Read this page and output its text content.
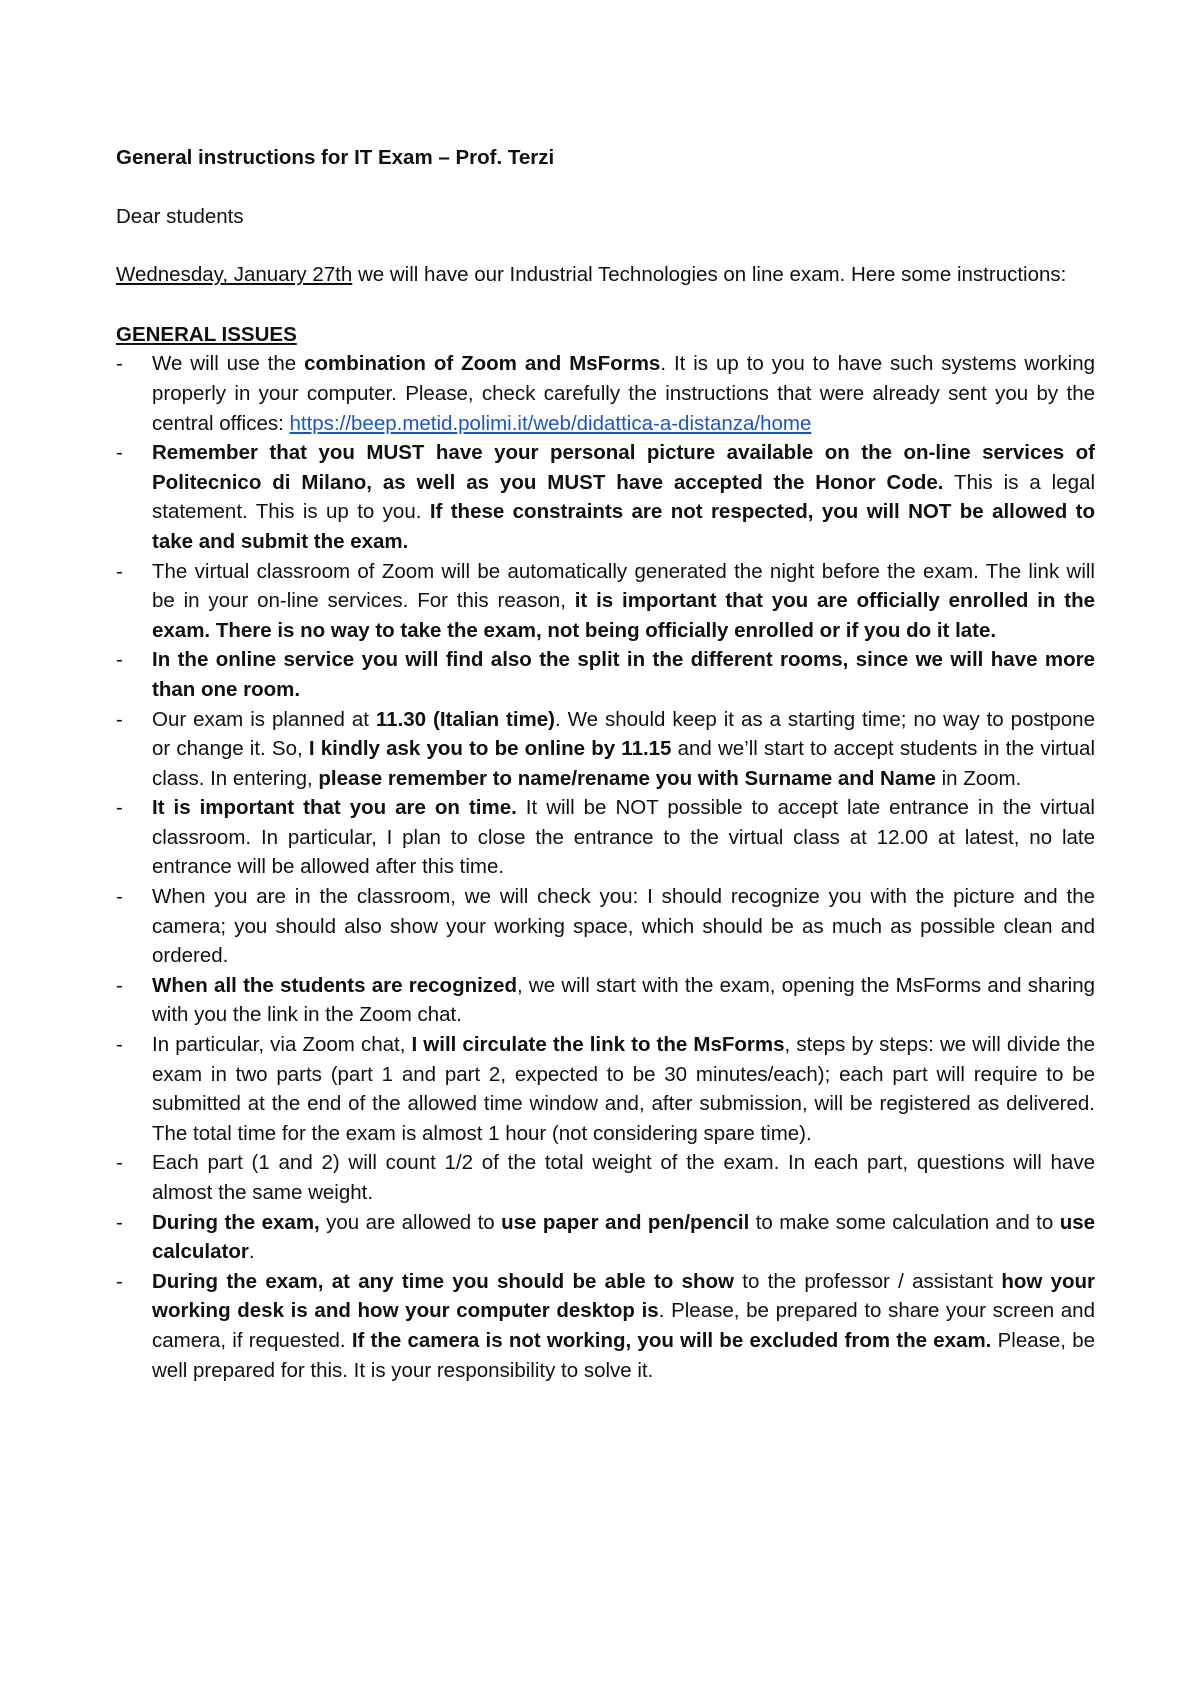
General instructions for IT Exam – Prof. Terzi

Dear students

Wednesday, January 27th we will have our Industrial Technologies on line exam. Here some instructions:

GENERAL ISSUES

- We will use the combination of Zoom and MsForms. It is up to you to have such systems working properly in your computer. Please, check carefully the instructions that were already sent you by the central offices: https://beep.metid.polimi.it/web/didattica-a-distanza/home
- Remember that you MUST have your personal picture available on the on-line services of Politecnico di Milano, as well as you MUST have accepted the Honor Code. This is a legal statement. This is up to you. If these constraints are not respected, you will NOT be allowed to take and submit the exam.
- The virtual classroom of Zoom will be automatically generated the night before the exam. The link will be in your on-line services. For this reason, it is important that you are officially enrolled in the exam. There is no way to take the exam, not being officially enrolled or if you do it late.
- In the online service you will find also the split in the different rooms, since we will have more than one room.
- Our exam is planned at 11.30 (Italian time). We should keep it as a starting time; no way to postpone or change it. So, I kindly ask you to be online by 11.15 and we’ll start to accept students in the virtual class. In entering, please remember to name/rename you with Surname and Name in Zoom.
- It is important that you are on time. It will be NOT possible to accept late entrance in the virtual classroom. In particular, I plan to close the entrance to the virtual class at 12.00 at latest, no late entrance will be allowed after this time.
- When you are in the classroom, we will check you: I should recognize you with the picture and the camera; you should also show your working space, which should be as much as possible clean and ordered.
- When all the students are recognized, we will start with the exam, opening the MsForms and sharing with you the link in the Zoom chat.
- In particular, via Zoom chat, I will circulate the link to the MsForms, steps by steps: we will divide the exam in two parts (part 1 and part 2, expected to be 30 minutes/each); each part will require to be submitted at the end of the allowed time window and, after submission, will be registered as delivered. The total time for the exam is almost 1 hour (not considering spare time).
- Each part (1 and 2) will count 1/2 of the total weight of the exam. In each part, questions will have almost the same weight.
- During the exam, you are allowed to use paper and pen/pencil to make some calculation and to use calculator.
- During the exam, at any time you should be able to show to the professor / assistant how your working desk is and how your computer desktop is. Please, be prepared to share your screen and camera, if requested. If the camera is not working, you will be excluded from the exam. Please, be well prepared for this. It is your responsibility to solve it.
